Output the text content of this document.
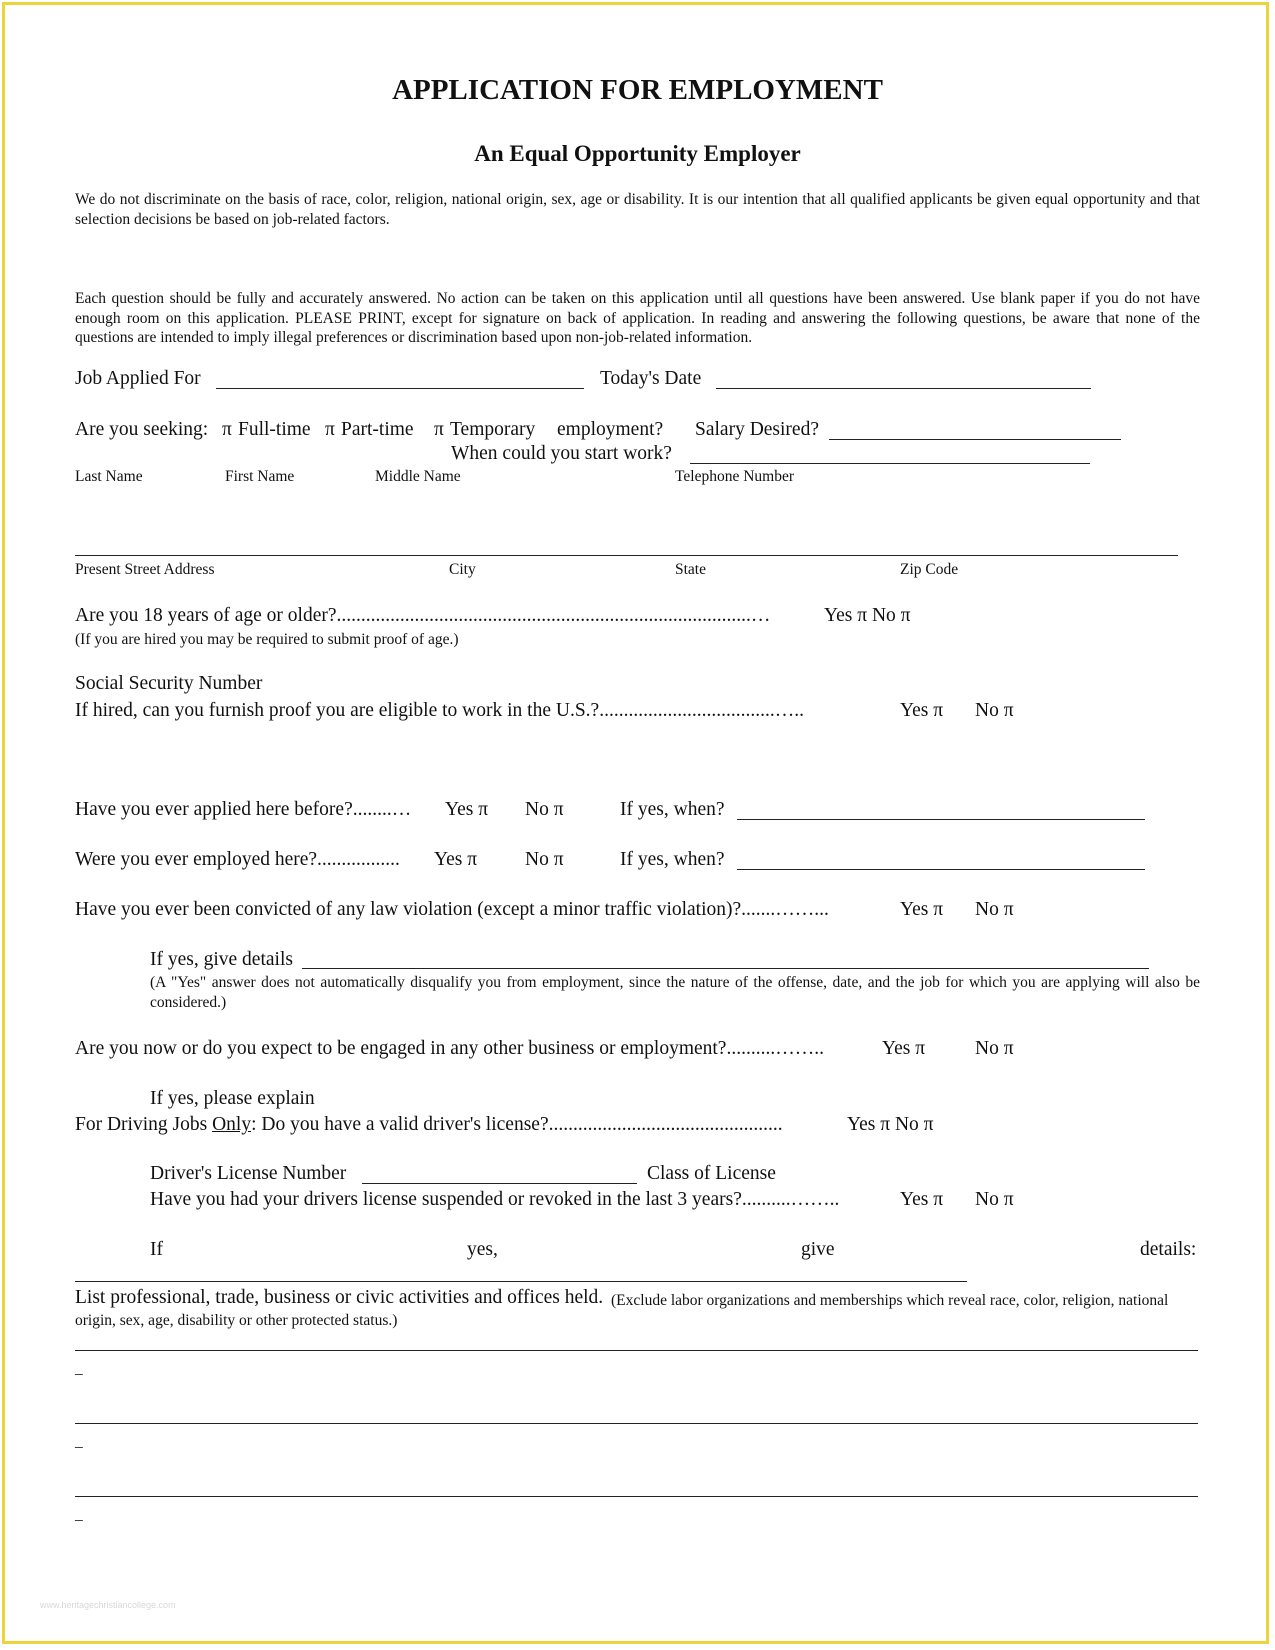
APPLICATION FOR EMPLOYMENT
An Equal Opportunity Employer
We do not discriminate on the basis of race, color, religion, national origin, sex, age or disability. It is our intention that all qualified applicants be given equal opportunity and that selection decisions be based on job-related factors.
Each question should be fully and accurately answered. No action can be taken on this application until all questions have been answered. Use blank paper if you do not have enough room on this application. PLEASE PRINT, except for signature on back of application. In reading and answering the following questions, be aware that none of the questions are intended to imply illegal preferences or discrimination based upon non-job-related information.
Job Applied For	Today's Date
Are you seeking: π Full-time π Part-time π Temporary employment? Salary Desired?
When could you start work?
Last Name	First Name	Middle Name	Telephone Number
Present Street Address	City	State	Zip Code
Are you 18 years of age or older?.....................................................................................…	Yes π No π
(If you are hired you may be required to submit proof of age.)
Social Security Number
If hired, can you furnish proof you are eligible to work in the U.S.?....................................…..	Yes π No π
Have you ever applied here before?........… Yes π No π	If yes, when?
Were you ever employed here?................. Yes π No π	If yes, when?
Have you ever been convicted of any law violation (except a minor traffic violation)?.......……...	Yes π No π
If yes, give details
(A "Yes" answer does not automatically disqualify you from employment, since the nature of the offense, date, and the job for which you are applying will also be considered.)
Are you now or do you expect to be engaged in any other business or employment?..........……..	Yes π	No π
If yes, please explain
For Driving Jobs Only: Do you have a valid driver's license?................................................	Yes π No π
Driver's License Number	Class of License
Have you had your drivers license suspended or revoked in the last 3 years?..........……..	Yes π No π
If	yes,	give	details:
List professional, trade, business or civic activities and offices held. (Exclude labor organizations and memberships which reveal race, color, religion, national origin, sex, age, disability or other protected status.)
_
_
_
www.heritagechristiancollege.com
